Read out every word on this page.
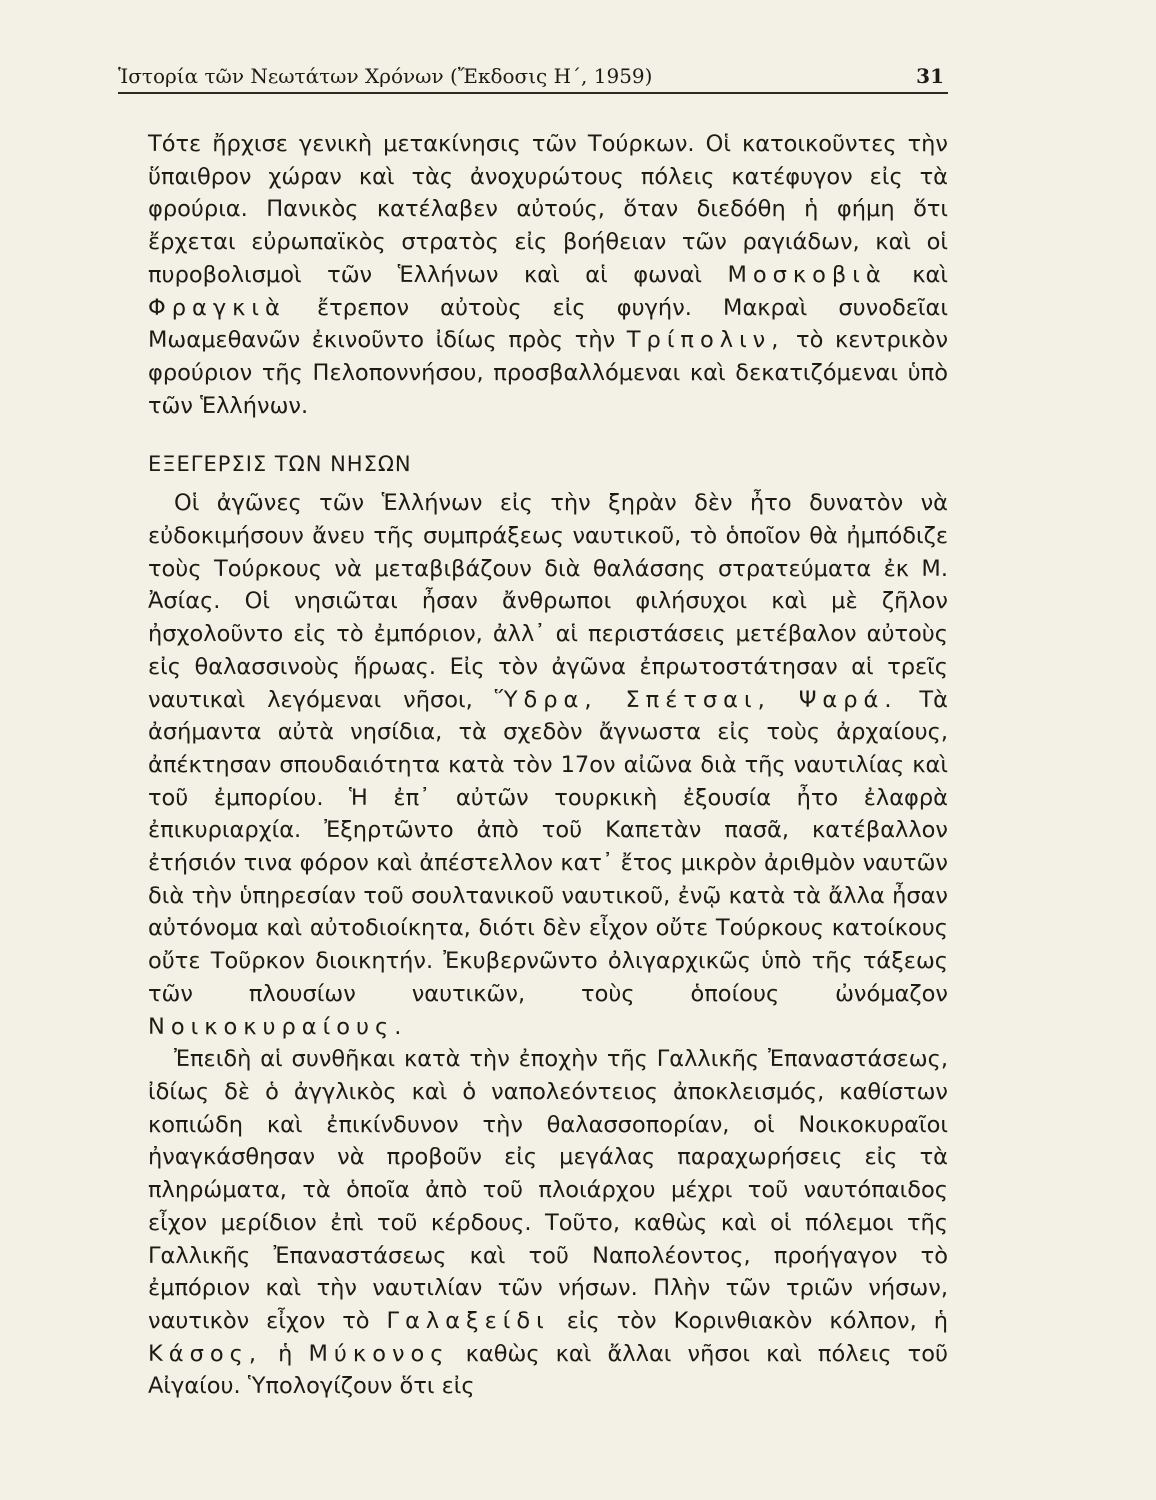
Ἱστορία τῶν Νεωτάτων Χρόνων (Ἔκδοσις Η΄, 1959)	31

Τότε ἤρχισε γενικὴ μετακίνησις τῶν Τούρκων. Οἱ κατοικοῦντες τὴν ὕπαιθρον χώραν καὶ τὰς ἀνοχυρώτους πόλεις κατέφυγον εἰς τὰ φρούρια. Πανικὸς κατέλαβεν αὐτούς, ὅταν διεδόθη ἡ φήμη ὅτι ἔρχεται εὐρωπαϊκὸς στρατὸς εἰς βοήθειαν τῶν ραγιάδων, καὶ οἱ πυροβολισμοὶ τῶν Ἑλλήνων καὶ αἱ φωναὶ Μοσκοβιὰ καὶ Φραγκιὰ ἔτρεπον αὐτοὺς εἰς φυγήν. Μακραὶ συνοδεῖαι Μωαμεθανῶν ἐκινοῦντο ἰδίως πρὸς τὴν Τρίπολιν, τὸ κεντρικὸν φρούριον τῆς Πελοποννήσου, προσβαλλόμεναι καὶ δεκατιζόμεναι ὑπὸ τῶν Ἑλλήνων.

ΕΞΕΓΕΡΣΙΣ ΤΩΝ ΝΗΣΩΝ

Οἱ ἀγῶνες τῶν Ἑλλήνων εἰς τὴν ξηρὰν δὲν ἦτο δυνατὸν νὰ εὐδοκιμήσουν ἄνευ τῆς συμπράξεως ναυτικοῦ, τὸ ὁποῖον θὰ ἠμπόδιζε τοὺς Τούρκους νὰ μεταβιβάζουν διὰ θαλάσσης στρατεύματα ἐκ Μ. Ἀσίας. Οἱ νησιῶται ἦσαν ἄνθρωποι φιλήσυχοι καὶ μὲ ζῆλον ἠσχολοῦντο εἰς τὸ ἐμπόριον, ἀλλ᾽ αἱ περιστάσεις μετέβαλον αὐτοὺς εἰς θαλασσινοὺς ἥρωας. Εἰς τὸν ἀγῶνα ἐπρωτοστάτησαν αἱ τρεῖς ναυτικαὶ λεγόμεναι νῆσοι, Ὕδρα, Σπέτσαι, Ψαρά. Τὰ ἀσήμαντα αὐτὰ νησίδια, τὰ σχεδὸν ἄγνωστα εἰς τοὺς ἀρχαίους, ἀπέκτησαν σπουδαιότητα κατὰ τὸν 17ον αἰῶνα διὰ τῆς ναυτιλίας καὶ τοῦ ἐμπορίου. Ἡ ἐπ᾽ αὐτῶν τουρκικὴ ἐξουσία ἦτο ἐλαφρὰ ἐπικυριαρχία. Ἐξηρτῶντο ἀπὸ τοῦ Καπετὰν πασᾶ, κατέβαλλον ἐτήσιόν τινα φόρον καὶ ἀπέστελλον κατ᾽ ἔτος μικρὸν ἀριθμὸν ναυτῶν διὰ τὴν ὑπηρεσίαν τοῦ σουλτανικοῦ ναυτικοῦ, ἐνῷ κατὰ τὰ ἄλλα ἦσαν αὐτόνομα καὶ αὐτοδιοίκητα, διότι δὲν εἶχον οὔτε Τούρκους κατοίκους οὔτε Τοῦρκον διοικητήν. Ἐκυβερνῶντο ὀλιγαρχικῶς ὑπὸ τῆς τάξεως τῶν πλουσίων ναυτικῶν, τοὺς ὁποίους ὠνόμαζον Νοικοκυραίους.

Ἐπειδὴ αἱ συνθῆκαι κατὰ τὴν ἐποχὴν τῆς Γαλλικῆς Ἐπαναστάσεως, ἰδίως δὲ ὁ ἀγγλικὸς καὶ ὁ ναπολεόντειος ἀποκλεισμός, καθίστων κοπιώδη καὶ ἐπικίνδυνον τὴν θαλασσοπορίαν, οἱ Νοικοκυραῖοι ἠναγκάσθησαν νὰ προβοῦν εἰς μεγάλας παραχωρήσεις εἰς τὰ πληρώματα, τὰ ὁποῖα ἀπὸ τοῦ πλοιάρχου μέχρι τοῦ ναυτόπαιδος εἶχον μερίδιον ἐπὶ τοῦ κέρδους. Τοῦτο, καθὼς καὶ οἱ πόλεμοι τῆς Γαλλικῆς Ἐπαναστάσεως καὶ τοῦ Ναπολέοντος, προήγαγον τὸ ἐμπόριον καὶ τὴν ναυτιλίαν τῶν νήσων. Πλὴν τῶν τριῶν νήσων, ναυτικὸν εἶχον τὸ Γαλαξείδι εἰς τὸν Κορινθιακὸν κόλπον, ἡ Κάσος, ἡ Μύκονος καθὼς καὶ ἄλλαι νῆσοι καὶ πόλεις τοῦ Αἰγαίου. Ὑπολογίζουν ὅτι εἰς
